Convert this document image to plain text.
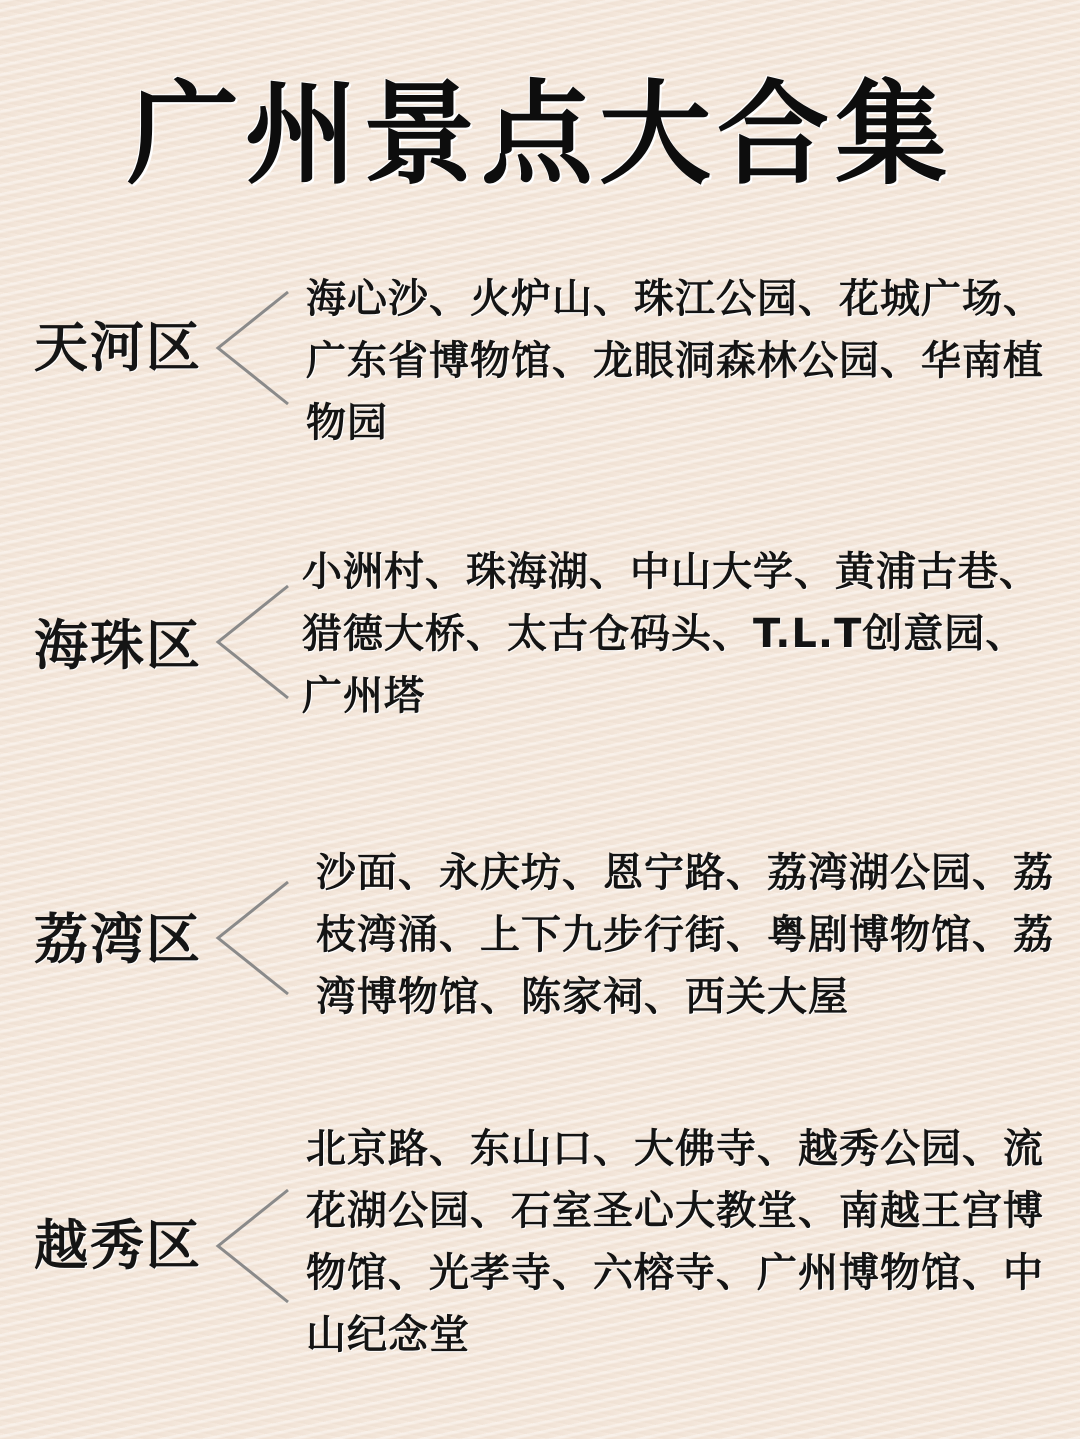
广州景点大合集
天河区
海心沙、火炉山、珠江公园、花城广场、广东省博物馆、龙眼洞森林公园、华南植物园
海珠区
小洲村、珠海湖、中山大学、黄浦古巷、猎德大桥、太古仓码头、T.L.T创意园、广州塔
荔湾区
沙面、永庆坊、恩宁路、荔湾湖公园、荔枝湾涌、上下九步行街、粤剧博物馆、荔湾博物馆、陈家祠、西关大屋
越秀区
北京路、东山口、大佛寺、越秀公园、流花湖公园、石室圣心大教堂、南越王宫博物馆、光孝寺、六榕寺、广州博物馆、中山纪念堂
